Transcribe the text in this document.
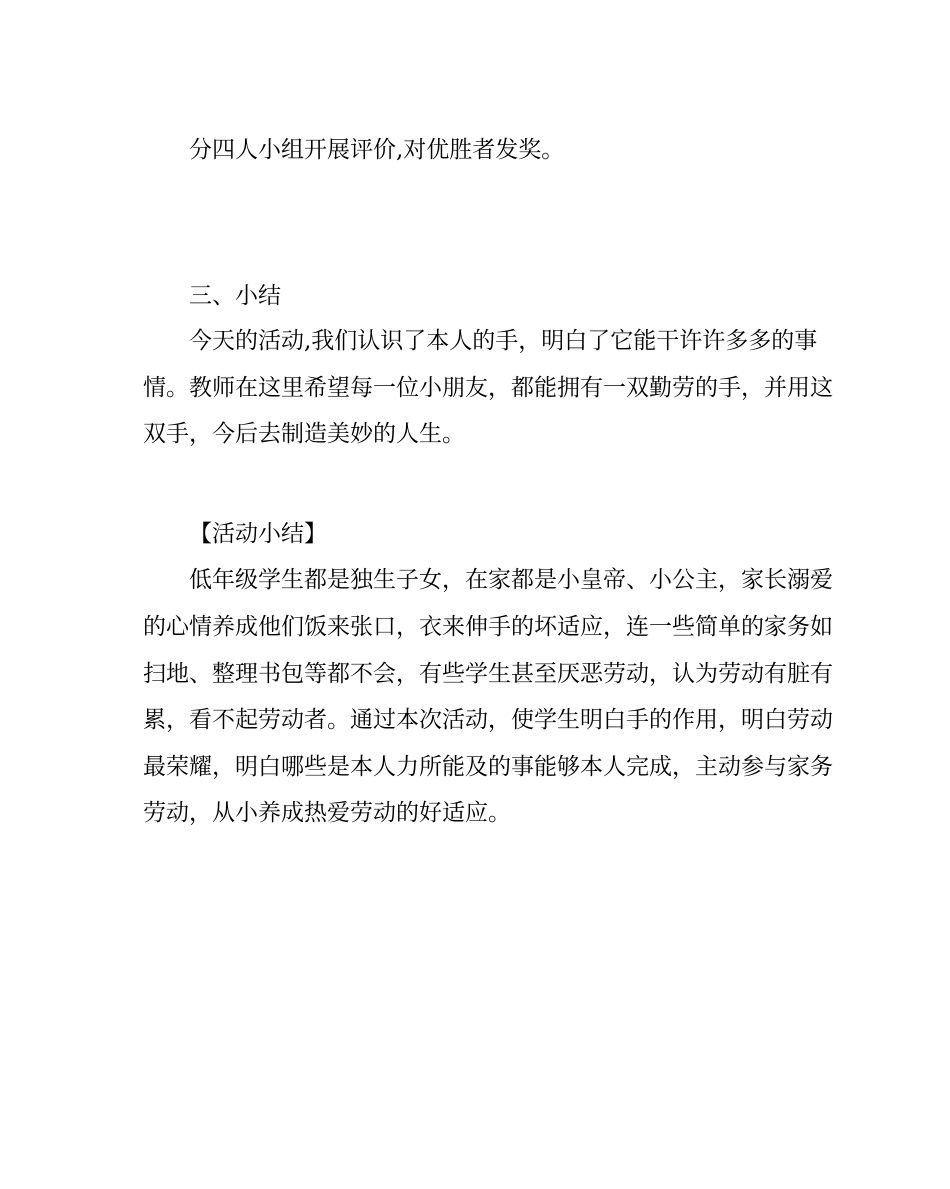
分四人小组开展评价,对优胜者发奖。
三、小结
今天的活动,我们认识了本人的手，明白了它能干许许多多的事
情。教师在这里希望每一位小朋友，都能拥有一双勤劳的手，并用这
双手，今后去制造美妙的人生。
【活动小结】
低年级学生都是独生子女，在家都是小皇帝、小公主，家长溺爱
的心情养成他们饭来张口，衣来伸手的坏适应，连一些简单的家务如
扫地、整理书包等都不会，有些学生甚至厌恶劳动，认为劳动有脏有
累，看不起劳动者。通过本次活动，使学生明白手的作用，明白劳动
最荣耀，明白哪些是本人力所能及的事能够本人完成，主动参与家务
劳动，从小养成热爱劳动的好适应。
